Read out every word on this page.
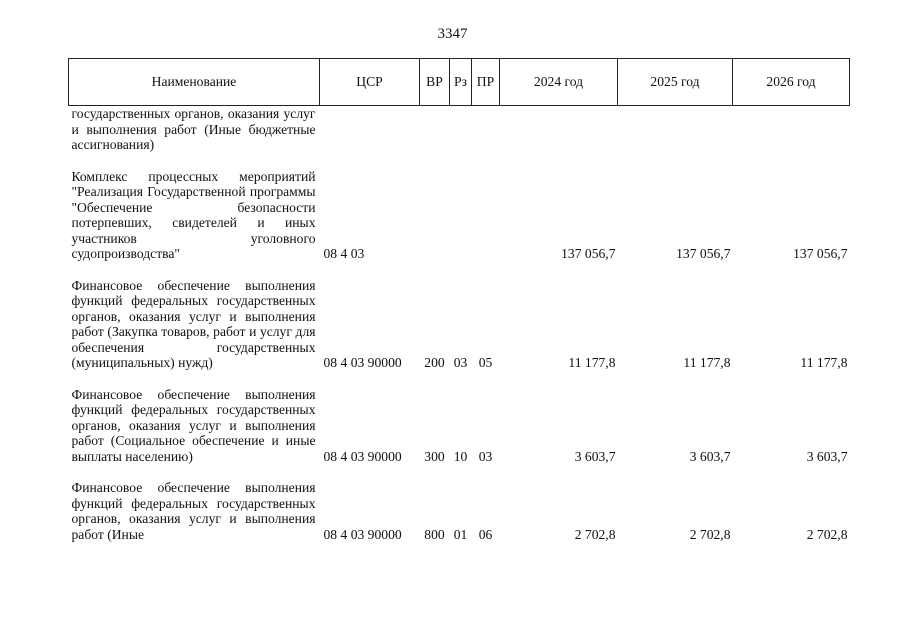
3347
Наименование	ЦСР	ВР	Рз	ПР	2024 год	2025 год	2026 год
государственных органов, оказания услуг и выполнения работ (Иные бюджетные ассигнования)							

Комплекс процессных мероприятий "Реализация Государственной программы "Обеспечение безопасности потерпевших, свидетелей и иных участников уголовного судопроизводства"	08 4 03				137 056,7	137 056,7	137 056,7

Финансовое обеспечение выполнения функций федеральных государственных органов, оказания услуг и выполнения работ (Закупка товаров, работ и услуг для обеспечения государственных (муниципальных) нужд)	08 4 03 90000	200	03	05	11 177,8	11 177,8	11 177,8

Финансовое обеспечение выполнения функций федеральных государственных органов, оказания услуг и выполнения работ (Социальное обеспечение и иные выплаты населению)	08 4 03 90000	300	10	03	3 603,7	3 603,7	3 603,7

Финансовое обеспечение выполнения функций федеральных государственных органов, оказания услуг и выполнения работ (Иные	08 4 03 90000	800	01	06	2 702,8	2 702,8	2 702,8
